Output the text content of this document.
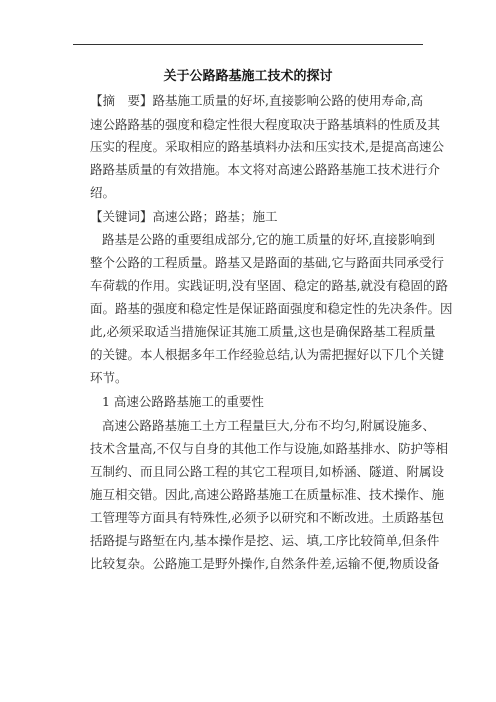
关于公路路基施工技术的探讨
【摘　要】路基施工质量的好坏,直接影响公路的使用寿命,高
速公路路基的强度和稳定性很大程度取决于路基填料的性质及其
压实的程度。采取相应的路基填料办法和压实技术,是提高高速公
路路基质量的有效措施。本文将对高速公路路基施工技术进行介
绍。
【关键词】高速公路；路基；施工
路基是公路的重要组成部分,它的施工质量的好坏,直接影响到
整个公路的工程质量。路基又是路面的基础,它与路面共同承受行
车荷载的作用。实践证明,没有坚固、稳定的路基,就没有稳固的路
面。路基的强度和稳定性是保证路面强度和稳定性的先决条件。因
此,必须采取适当措施保证其施工质量,这也是确保路基工程质量
的关键。本人根据多年工作经验总结,认为需把握好以下几个关键
环节。
1 高速公路路基施工的重要性
高速公路路基施工土方工程量巨大,分布不均匀,附属设施多、
技术含量高,不仅与自身的其他工作与设施,如路基排水、防护等相
互制约、而且同公路工程的其它工程项目,如桥涵、隧道、附属设
施互相交错。因此,高速公路路基施工在质量标准、技术操作、施
工管理等方面具有特殊性,必须予以研究和不断改进。土质路基包
括路提与路堑在内,基本操作是挖、运、填,工序比较简单,但条件
比较复杂。公路施工是野外操作,自然条件差,运输不便,物质设备
